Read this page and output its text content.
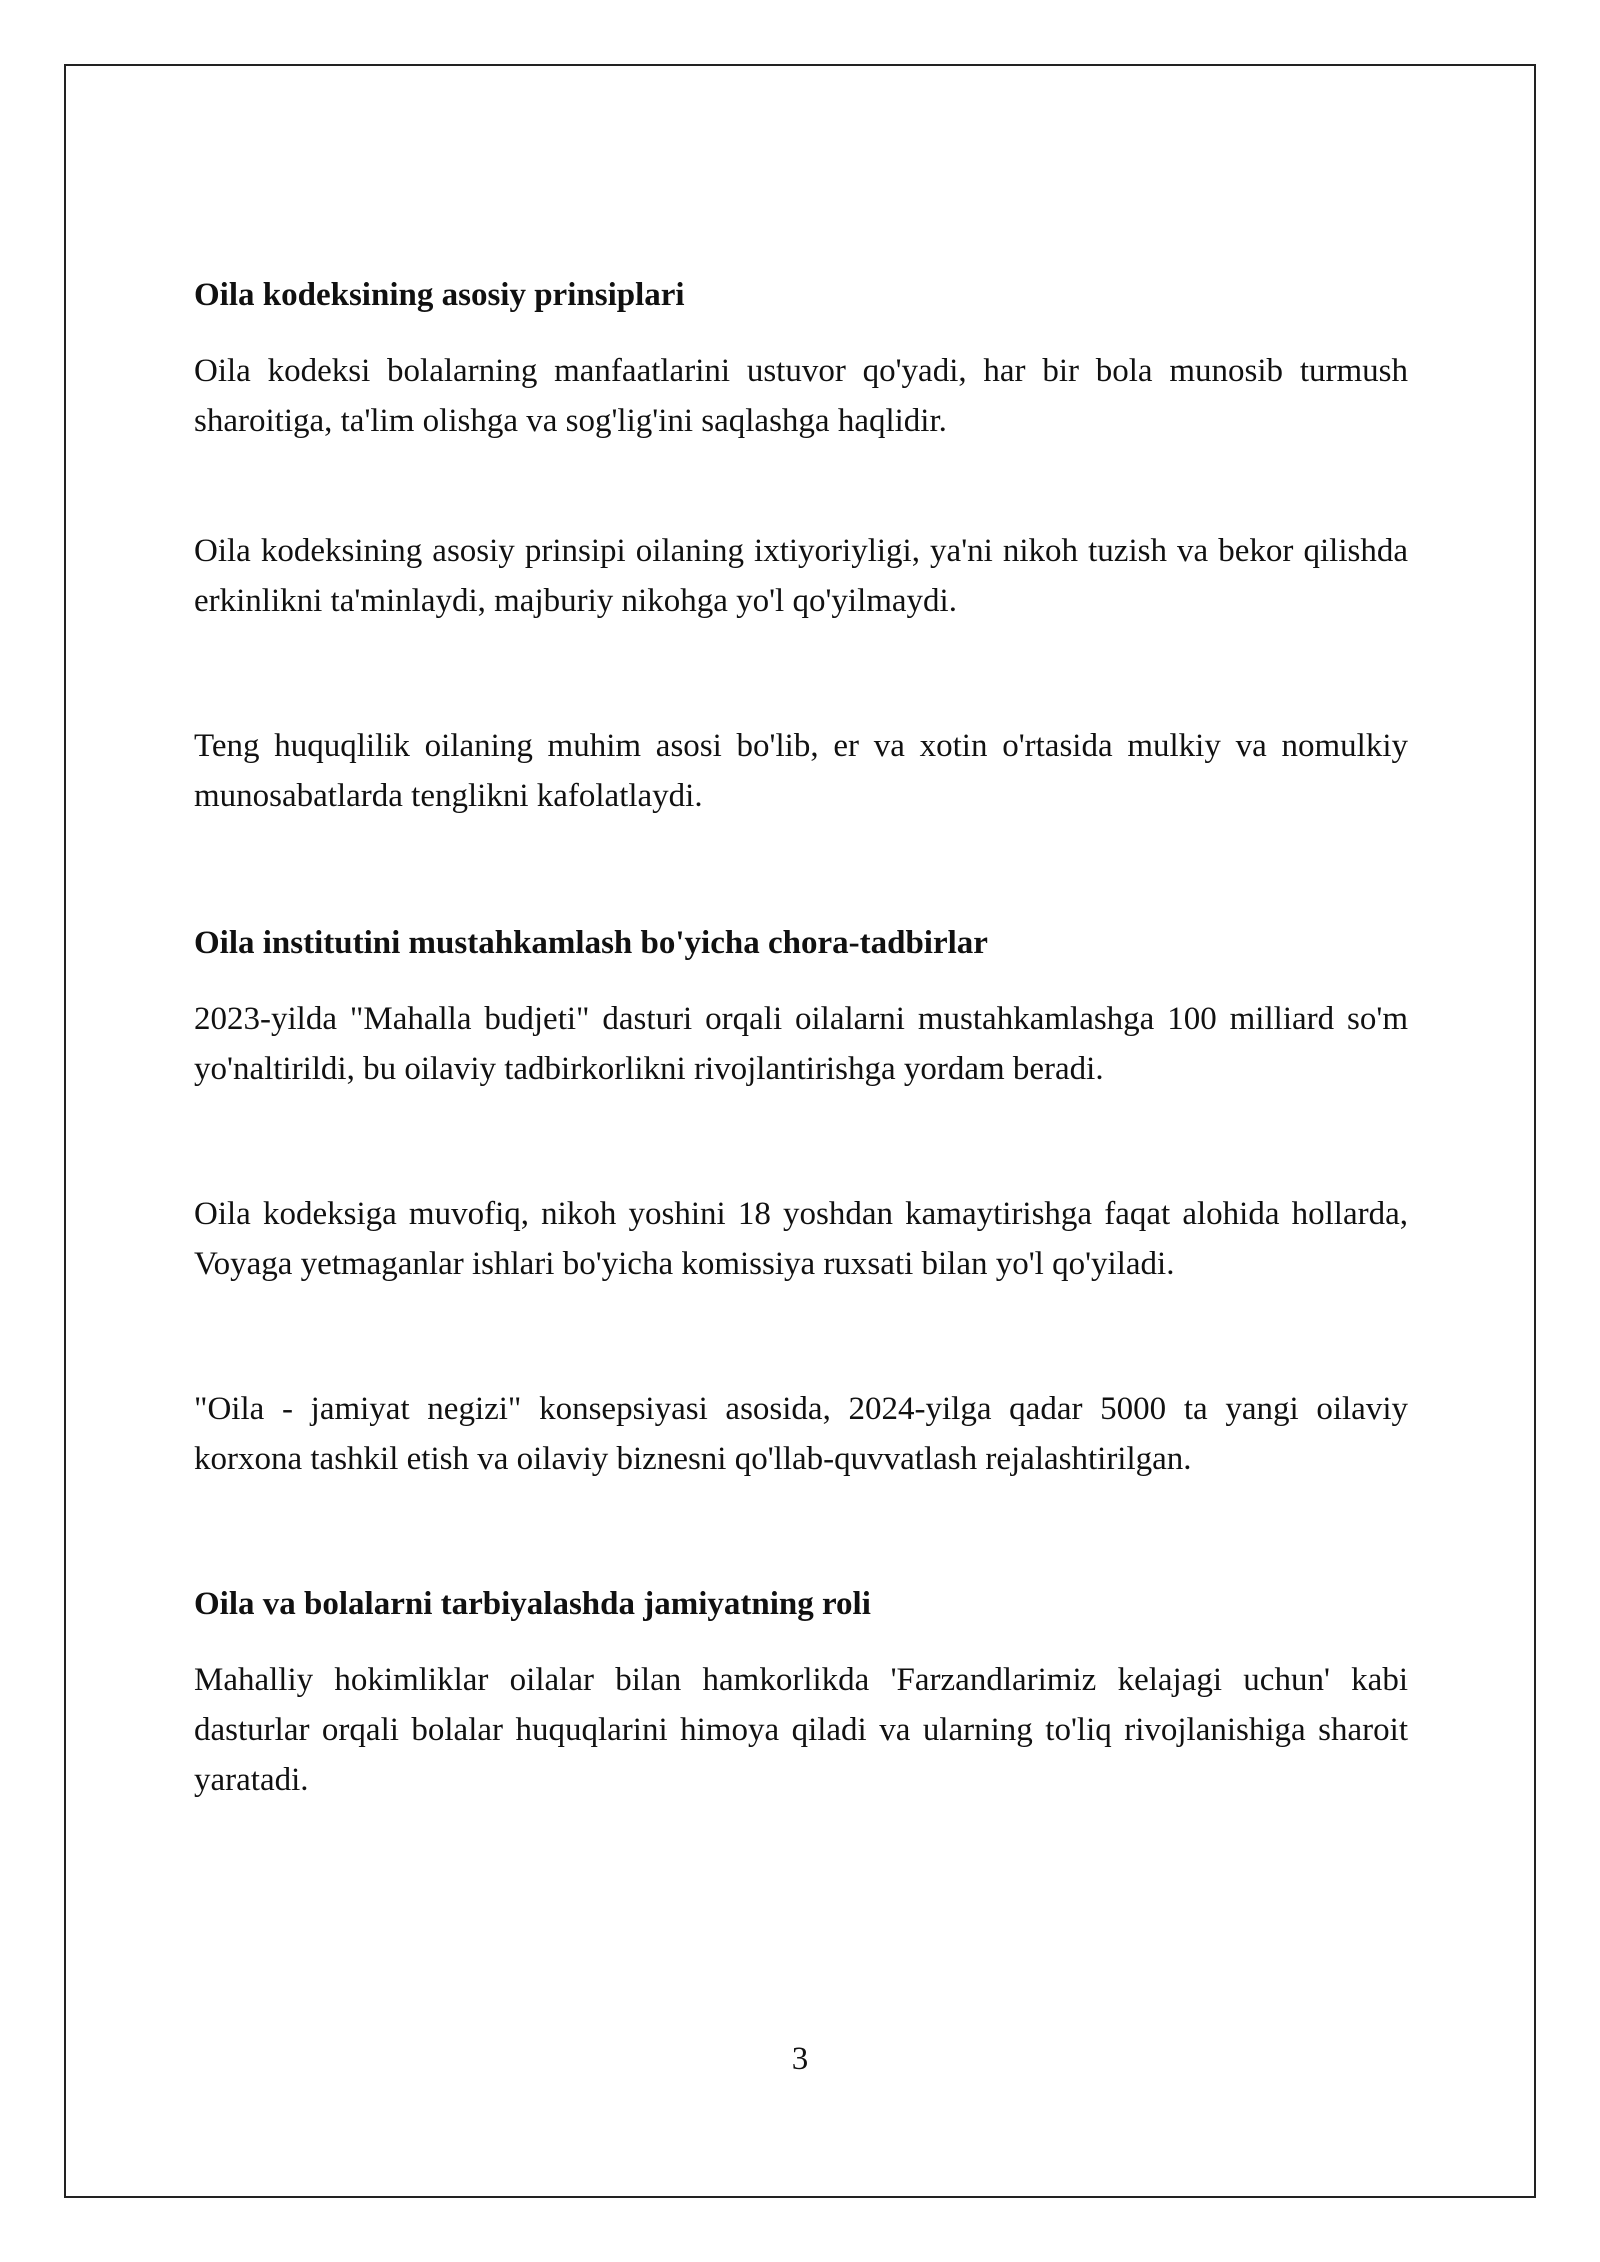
Oila kodeksining asosiy prinsiplari

Oila kodeksi bolalarning manfaatlarini ustuvor qo'yadi, har bir bola munosib turmush sharoitiga, ta'lim olishga va sog'lig'ini saqlashga haqlidir.

Oila kodeksining asosiy prinsipi oilaning ixtiyoriyligi, ya'ni nikoh tuzish va bekor qilishda erkinlikni ta'minlaydi, majburiy nikohga yo'l qo'yilmaydi.

Teng huquqlilik oilaning muhim asosi bo'lib, er va xotin o'rtasida mulkiy va nomulkiy munosabatlarda tenglikni kafolatlaydi.

Oila institutini mustahkamlash bo'yicha chora-tadbirlar

2023-yilda "Mahalla budjeti" dasturi orqali oilalarni mustahkamlashga 100 milliard so'm yo'naltirildi, bu oilaviy tadbirkorlikni rivojlantirishga yordam beradi.

Oila kodeksiga muvofiq, nikoh yoshini 18 yoshdan kamaytirishga faqat alohida hollarda, Voyaga yetmaganlar ishlari bo'yicha komissiya ruxsati bilan yo'l qo'yiladi.

"Oila - jamiyat negizi" konsepsiyasi asosida, 2024-yilga qadar 5000 ta yangi oilaviy korxona tashkil etish va oilaviy biznesni qo'llab-quvvatlash rejalashtirilgan.

Oila va bolalarni tarbiyalashda jamiyatning roli

Mahalliy hokimliklar oilalar bilan hamkorlikda 'Farzandlarimiz kelajagi uchun' kabi dasturlar orqali bolalar huquqlarini himoya qiladi va ularning to'liq rivojlanishiga sharoit yaratadi.

3
